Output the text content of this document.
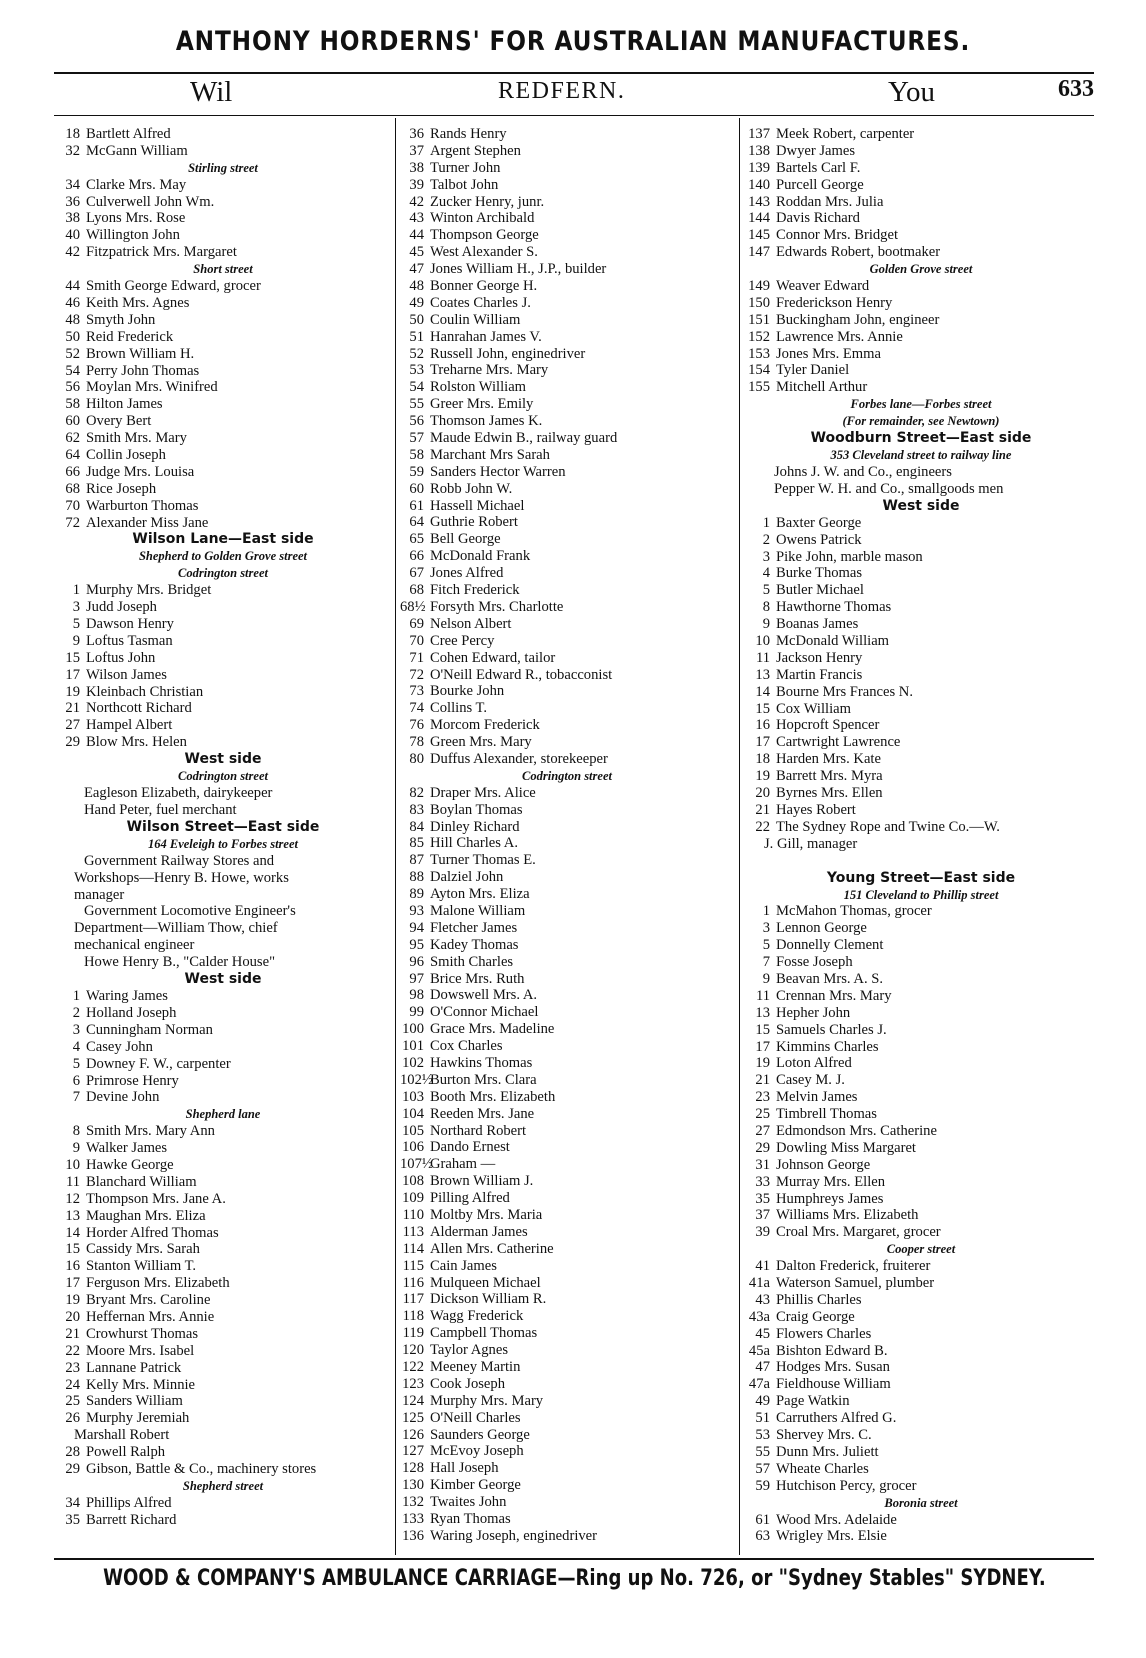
ANTHONY HORDERNS' FOR AUSTRALIAN MANUFACTURES.
Wil	REDFERN.	You	633
18 Bartlett Alfred
32 McGann William
Stirling street
34 Clarke Mrs. May
36 Culverwell John Wm.
38 Lyons Mrs. Rose
40 Willington John
42 Fitzpatrick Mrs. Margaret
Short street
44 Smith George Edward, grocer
46 Keith Mrs. Agnes
48 Smyth John
50 Reid Frederick
52 Brown William H.
54 Perry John Thomas
56 Moylan Mrs. Winifred
58 Hilton James
60 Overy Bert
62 Smith Mrs. Mary
64 Collin Joseph
66 Judge Mrs. Louisa
68 Rice Joseph
70 Warburton Thomas
72 Alexander Miss Jane
Wilson Lane—East side
Shepherd to Golden Grove street
Codrington street
1 Murphy Mrs. Bridget
3 Judd Joseph
5 Dawson Henry
9 Loftus Tasman
15 Loftus John
17 Wilson James
19 Kleinbach Christian
21 Northcott Richard
27 Hampel Albert
29 Blow Mrs. Helen
West side
Codrington street
Eagleson Elizabeth, dairykeeper
Hand Peter, fuel merchant
Wilson Street—East side
164 Eveleigh to Forbes street
Government Railway Stores and
Workshops—Henry B. Howe, works
manager
Government Locomotive Engineer's
Department—William Thow, chief
mechanical engineer
Howe Henry B., "Calder House"
West side
1 Waring James
2 Holland Joseph
3 Cunningham Norman
4 Casey John
5 Downey F. W., carpenter
6 Primrose Henry
7 Devine John
Shepherd lane
8 Smith Mrs. Mary Ann
9 Walker James
10 Hawke George
11 Blanchard William
12 Thompson Mrs. Jane A.
13 Maughan Mrs. Eliza
14 Horder Alfred Thomas
15 Cassidy Mrs. Sarah
16 Stanton William T.
17 Ferguson Mrs. Elizabeth
19 Bryant Mrs. Caroline
20 Heffernan Mrs. Annie
21 Crowhurst Thomas
22 Moore Mrs. Isabel
23 Lannane Patrick
24 Kelly Mrs. Minnie
25 Sanders William
26 Murphy Jeremiah
Marshall Robert
28 Powell Ralph
29 Gibson, Battle & Co., machinery stores
Shepherd street
34 Phillips Alfred
35 Barrett Richard
36 Rands Henry
37 Argent Stephen
38 Turner John
39 Talbot John
42 Zucker Henry, junr.
43 Winton Archibald
44 Thompson George
45 West Alexander S.
47 Jones William H., J.P., builder
48 Bonner George H.
49 Coates Charles J.
50 Coulin William
51 Hanrahan James V.
52 Russell John, enginedriver
53 Treharne Mrs. Mary
54 Rolston William
55 Greer Mrs. Emily
56 Thomson James K.
57 Maude Edwin B., railway guard
58 Marchant Mrs Sarah
59 Sanders Hector Warren
60 Robb John W.
61 Hassell Michael
64 Guthrie Robert
65 Bell George
66 McDonald Frank
67 Jones Alfred
68 Fitch Frederick
68½ Forsyth Mrs. Charlotte
69 Nelson Albert
70 Cree Percy
71 Cohen Edward, tailor
72 O'Neill Edward R., tobacconist
73 Bourke John
74 Collins T.
76 Morcom Frederick
78 Green Mrs. Mary
80 Duffus Alexander, storekeeper
Codrington street
82 Draper Mrs. Alice
83 Boylan Thomas
84 Dinley Richard
85 Hill Charles A.
87 Turner Thomas E.
88 Dalziel John
89 Ayton Mrs. Eliza
93 Malone William
94 Fletcher James
95 Kadey Thomas
96 Smith Charles
97 Brice Mrs. Ruth
98 Dowswell Mrs. A.
99 O'Connor Michael
100 Grace Mrs. Madeline
101 Cox Charles
102 Hawkins Thomas
102½Burton Mrs. Clara
103 Booth Mrs. Elizabeth
104 Reeden Mrs. Jane
105 Northard Robert
106 Dando Ernest
107½Graham —
108 Brown William J.
109 Pilling Alfred
110 Moltby Mrs. Maria
113 Alderman James
114 Allen Mrs. Catherine
115 Cain James
116 Mulqueen Michael
117 Dickson William R.
118 Wagg Frederick
119 Campbell Thomas
120 Taylor Agnes
122 Meeney Martin
123 Cook Joseph
124 Murphy Mrs. Mary
125 O'Neill Charles
126 Saunders George
127 McEvoy Joseph
128 Hall Joseph
130 Kimber George
132 Twaites John
133 Ryan Thomas
136 Waring Joseph, enginedriver
137 Meek Robert, carpenter
138 Dwyer James
139 Bartels Carl F.
140 Purcell George
143 Roddan Mrs. Julia
144 Davis Richard
145 Connor Mrs. Bridget
147 Edwards Robert, bootmaker
Golden Grove street
149 Weaver Edward
150 Frederickson Henry
151 Buckingham John, engineer
152 Lawrence Mrs. Annie
153 Jones Mrs. Emma
154 Tyler Daniel
155 Mitchell Arthur
Forbes lane—Forbes street
(For remainder, see Newtown)
Woodburn Street—East side
353 Cleveland street to railway line
Johns J. W. and Co., engineers
Pepper W. H. and Co., smallgoods men
West side
1 Baxter George
2 Owens Patrick
3 Pike John, marble mason
4 Burke Thomas
5 Butler Michael
8 Hawthorne Thomas
9 Boanas James
10 McDonald William
11 Jackson Henry
13 Martin Francis
14 Bourne Mrs Frances N.
15 Cox William
16 Hopcroft Spencer
17 Cartwright Lawrence
18 Harden Mrs. Kate
19 Barrett Mrs. Myra
20 Byrnes Mrs. Ellen
21 Hayes Robert
22 The Sydney Rope and Twine Co.—W.
J. Gill, manager
Young Street—East side
151 Cleveland to Phillip street
1 McMahon Thomas, grocer
3 Lennon George
5 Donnelly Clement
7 Fosse Joseph
9 Beavan Mrs. A. S.
11 Crennan Mrs. Mary
13 Hepher John
15 Samuels Charles J.
17 Kimmins Charles
19 Loton Alfred
21 Casey M. J.
23 Melvin James
25 Timbrell Thomas
27 Edmondson Mrs. Catherine
29 Dowling Miss Margaret
31 Johnson George
33 Murray Mrs. Ellen
35 Humphreys James
37 Williams Mrs. Elizabeth
39 Croal Mrs. Margaret, grocer
Cooper street
41 Dalton Frederick, fruiterer
41a Waterson Samuel, plumber
43 Phillis Charles
43a Craig George
45 Flowers Charles
45a Bishton Edward B.
47 Hodges Mrs. Susan
47a Fieldhouse William
49 Page Watkin
51 Carruthers Alfred G.
53 Shervey Mrs. C.
55 Dunn Mrs. Juliett
57 Wheate Charles
59 Hutchison Percy, grocer
Boronia street
61 Wood Mrs. Adelaide
63 Wrigley Mrs. Elsie
WOOD & COMPANY'S AMBULANCE CARRIAGE—Ring up No. 726, or "Sydney Stables" SYDNEY.
